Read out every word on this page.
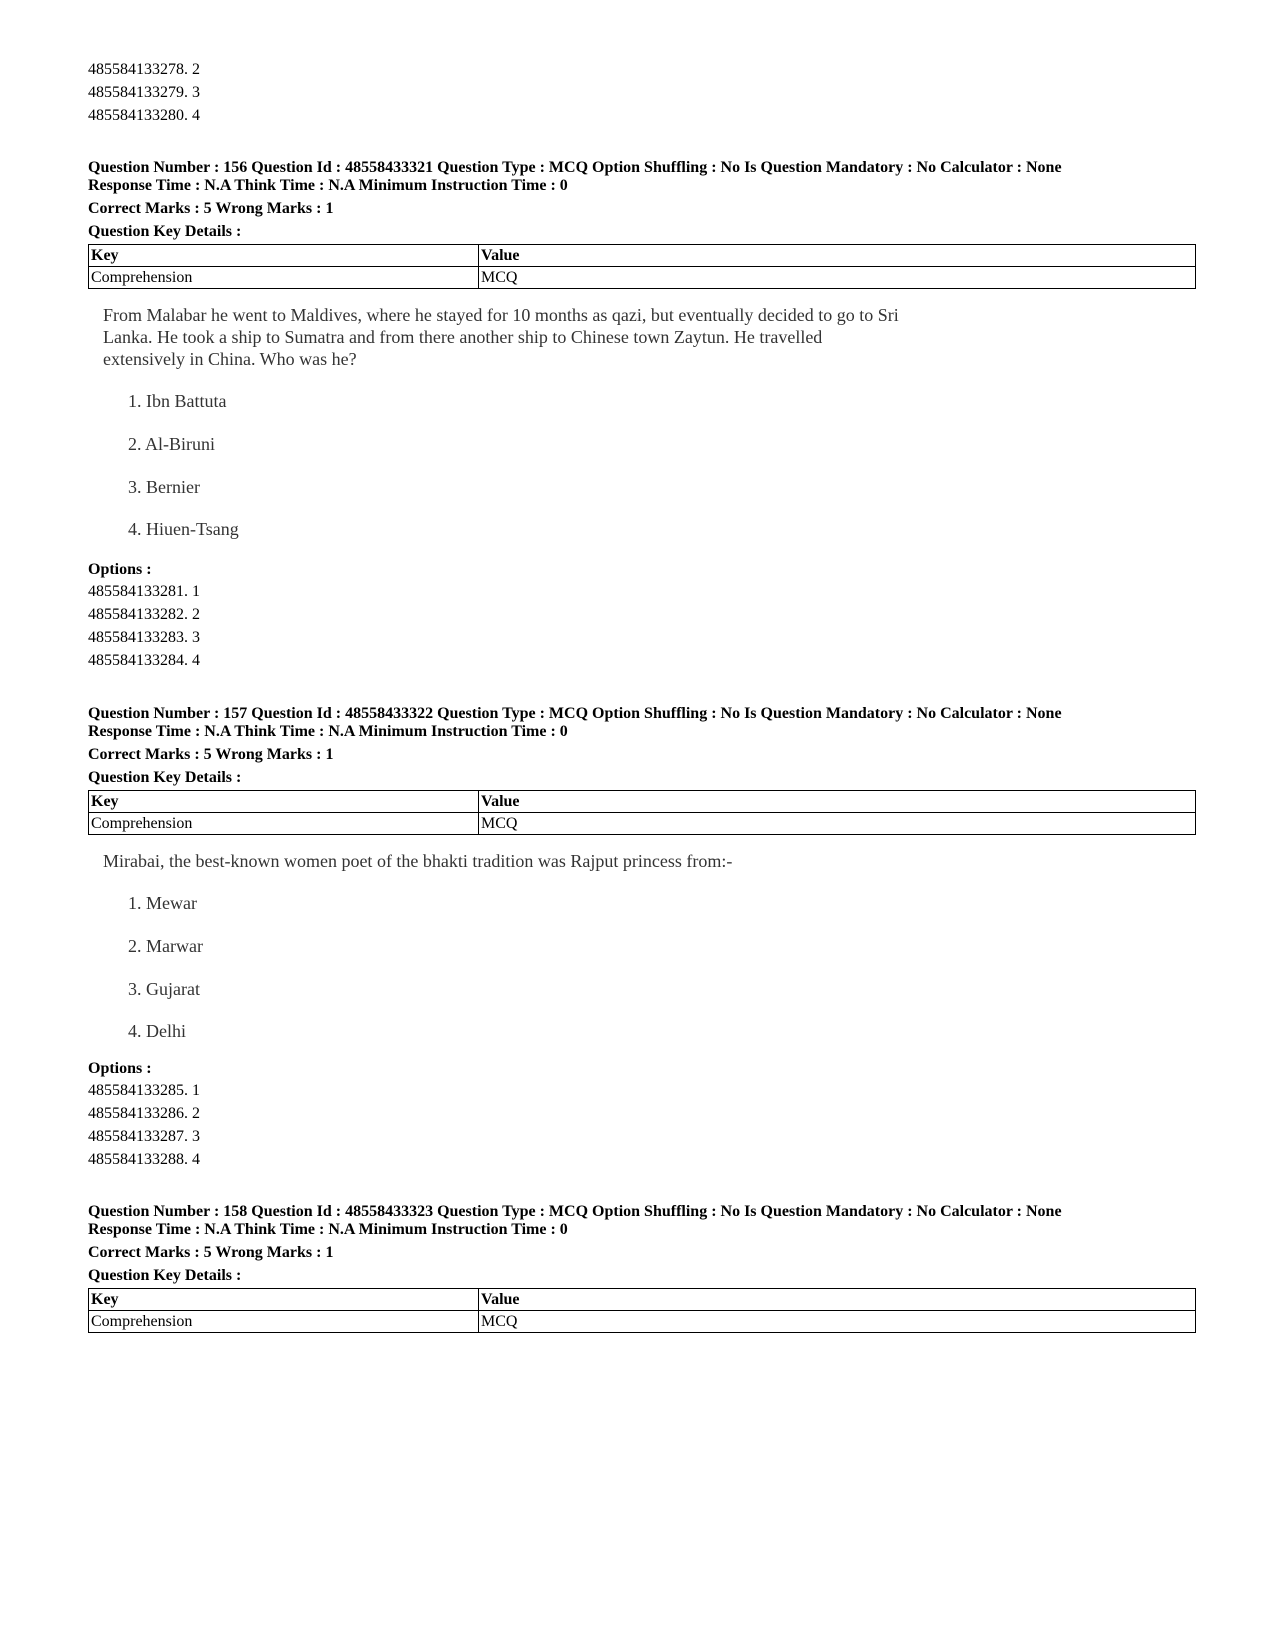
485584133278. 2
485584133279. 3
485584133280. 4
Question Number : 156 Question Id : 48558433321 Question Type : MCQ Option Shuffling : No Is Question Mandatory : No Calculator : None
Response Time : N.A Think Time : N.A Minimum Instruction Time : 0
Correct Marks : 5 Wrong Marks : 1
Question Key Details :
Key	Value
Comprehension	MCQ
From Malabar he went to Maldives, where he stayed for 10 months as qazi, but eventually decided to go to Sri
Lanka. He took a ship to Sumatra and from there another ship to Chinese town Zaytun. He travelled
extensively in China. Who was he?
1. Ibn Battuta
2. Al-Biruni
3. Bernier
4. Hiuen-Tsang
Options :
485584133281. 1
485584133282. 2
485584133283. 3
485584133284. 4
Question Number : 157 Question Id : 48558433322 Question Type : MCQ Option Shuffling : No Is Question Mandatory : No Calculator : None
Response Time : N.A Think Time : N.A Minimum Instruction Time : 0
Correct Marks : 5 Wrong Marks : 1
Question Key Details :
Key	Value
Comprehension	MCQ
Mirabai, the best-known women poet of the bhakti tradition was Rajput princess from:-
1. Mewar
2. Marwar
3. Gujarat
4. Delhi
Options :
485584133285. 1
485584133286. 2
485584133287. 3
485584133288. 4
Question Number : 158 Question Id : 48558433323 Question Type : MCQ Option Shuffling : No Is Question Mandatory : No Calculator : None
Response Time : N.A Think Time : N.A Minimum Instruction Time : 0
Correct Marks : 5 Wrong Marks : 1
Question Key Details :
Key	Value
Comprehension	MCQ
